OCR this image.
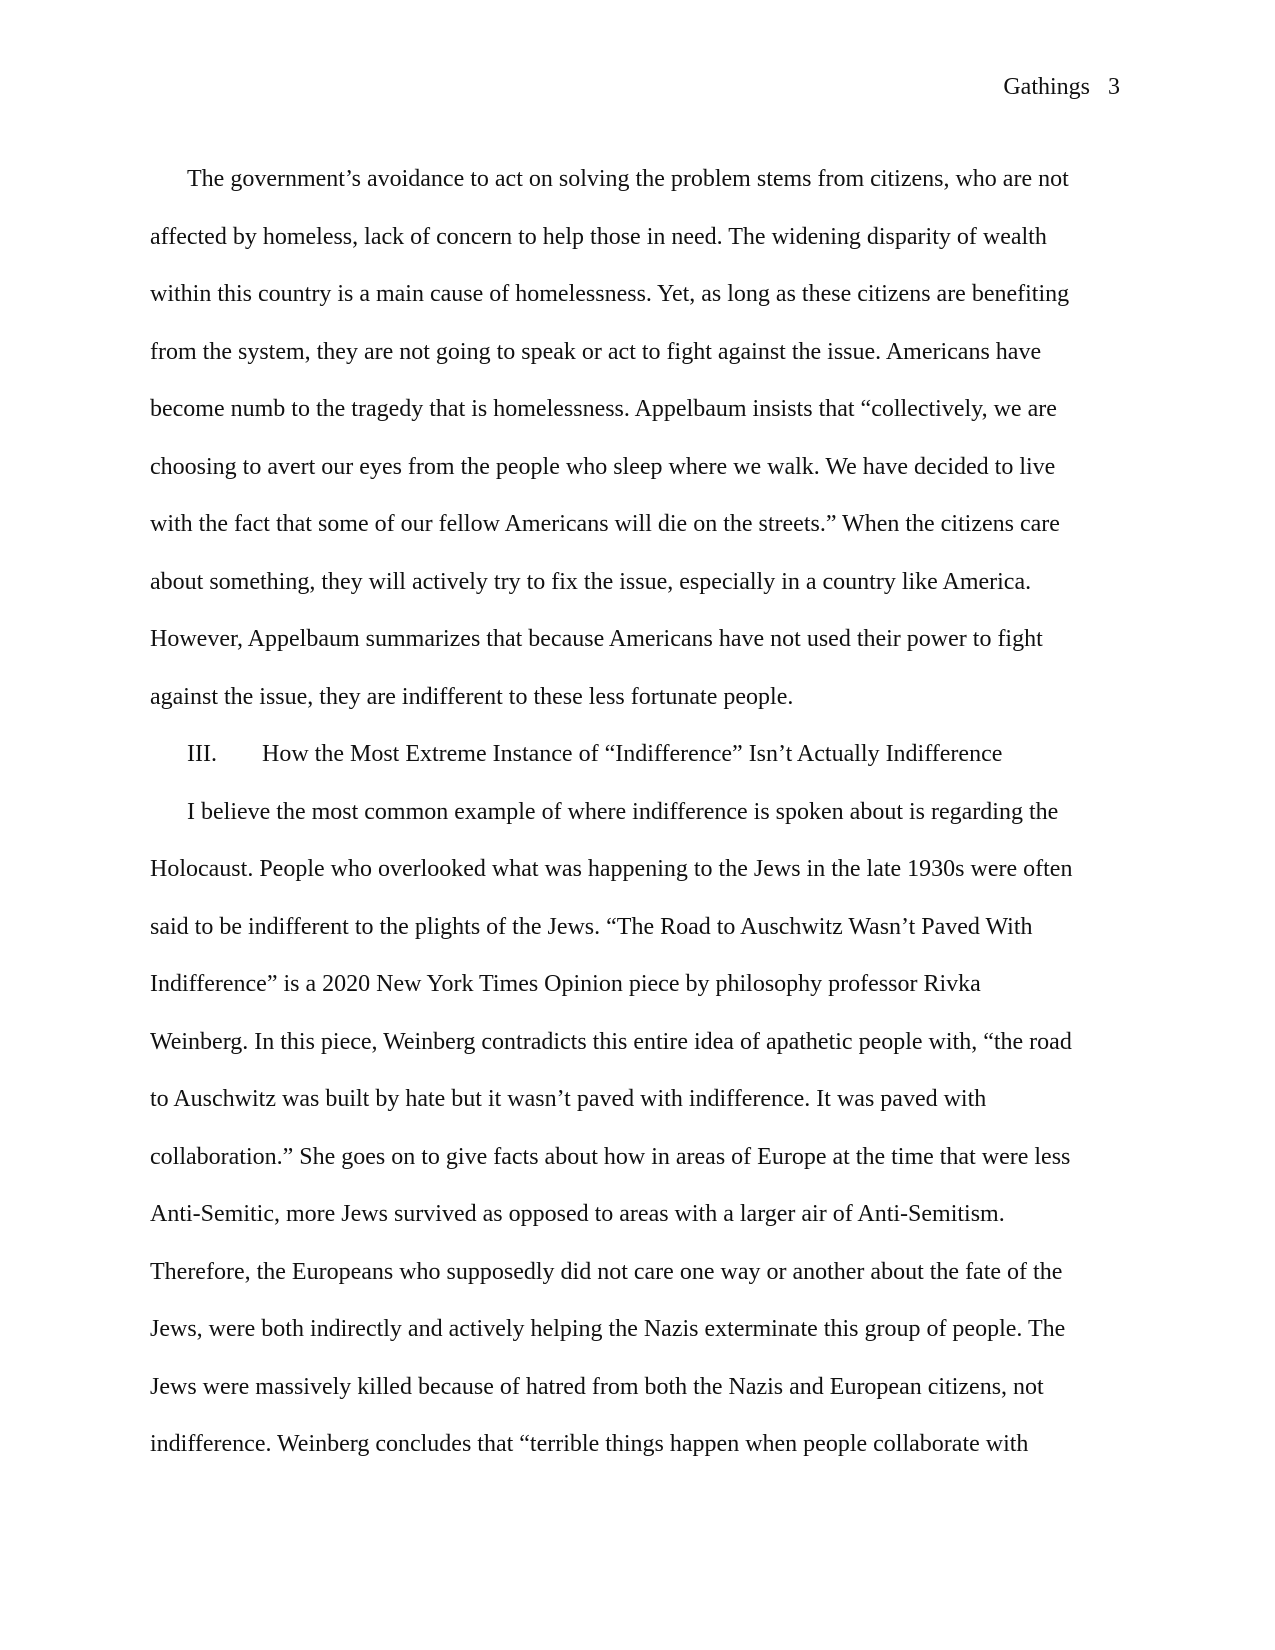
Gathings 3
The government’s avoidance to act on solving the problem stems from citizens, who are not
affected by homeless, lack of concern to help those in need. The widening disparity of wealth
within this country is a main cause of homelessness. Yet, as long as these citizens are benefiting
from the system, they are not going to speak or act to fight against the issue. Americans have
become numb to the tragedy that is homelessness. Appelbaum insists that “collectively, we are
choosing to avert our eyes from the people who sleep where we walk. We have decided to live
with the fact that some of our fellow Americans will die on the streets.” When the citizens care
about something, they will actively try to fix the issue, especially in a country like America.
However, Appelbaum summarizes that because Americans have not used their power to fight
against the issue, they are indifferent to these less fortunate people.
III.	How the Most Extreme Instance of “Indifference” Isn’t Actually Indifference
I believe the most common example of where indifference is spoken about is regarding the
Holocaust. People who overlooked what was happening to the Jews in the late 1930s were often
said to be indifferent to the plights of the Jews. “The Road to Auschwitz Wasn’t Paved With
Indifference” is a 2020 New York Times Opinion piece by philosophy professor Rivka
Weinberg. In this piece, Weinberg contradicts this entire idea of apathetic people with, “the road
to Auschwitz was built by hate but it wasn’t paved with indifference. It was paved with
collaboration.” She goes on to give facts about how in areas of Europe at the time that were less
Anti-Semitic, more Jews survived as opposed to areas with a larger air of Anti-Semitism.
Therefore, the Europeans who supposedly did not care one way or another about the fate of the
Jews, were both indirectly and actively helping the Nazis exterminate this group of people. The
Jews were massively killed because of hatred from both the Nazis and European citizens, not
indifference. Weinberg concludes that “terrible things happen when people collaborate with
